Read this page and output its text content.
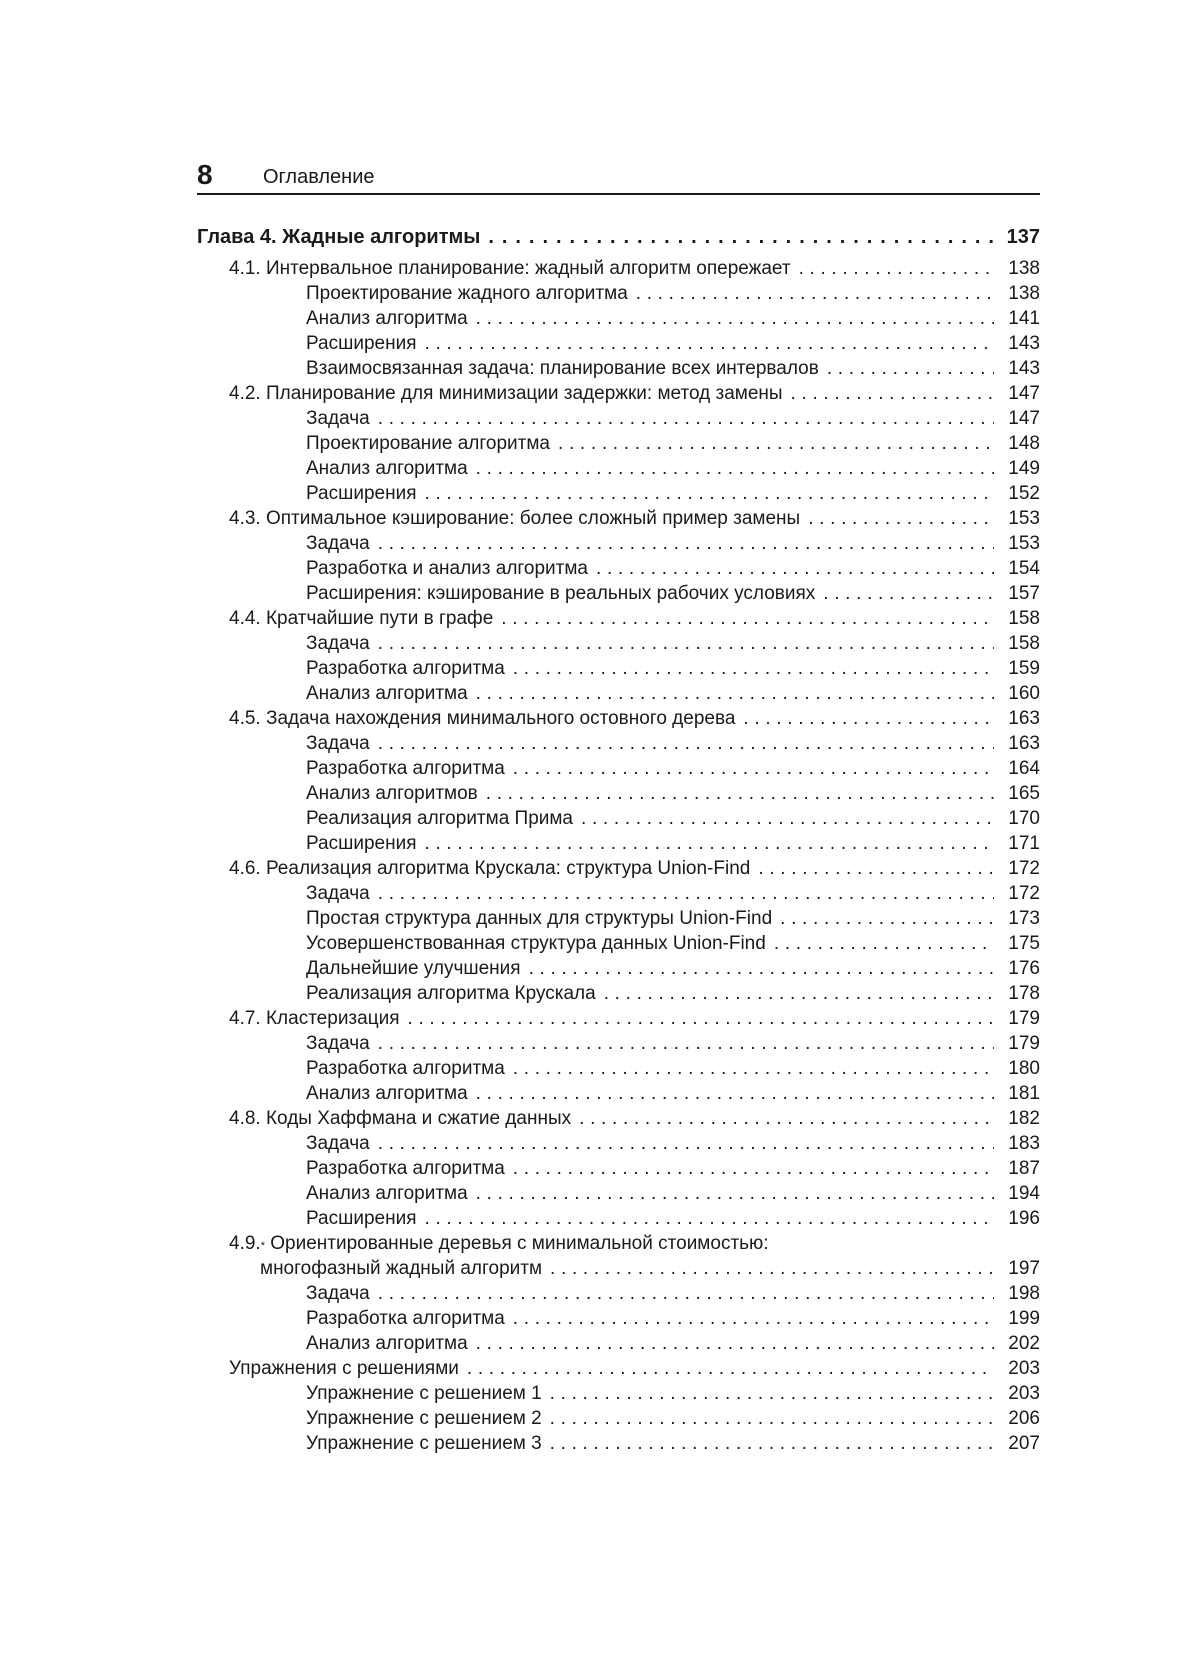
8	Оглавление
Глава 4. Жадные алгоритмы . . .	137
4.1. Интервальное планирование: жадный алгоритм опережает . . .	138
Проектирование жадного алгоритма . . .	138
Анализ алгоритма . . .	141
Расширения . . .	143
Взаимосвязанная задача: планирование всех интервалов . . .	143
4.2. Планирование для минимизации задержки: метод замены . . .	147
Задача . . .	147
Проектирование алгоритма . . .	148
Анализ алгоритма . . .	149
Расширения . . .	152
4.3. Оптимальное кэширование: более сложный пример замены . . .	153
Задача . . .	153
Разработка и анализ алгоритма . . .	154
Расширения: кэширование в реальных рабочих условиях . . .	157
4.4. Кратчайшие пути в графе . . .	158
Задача . . .	158
Разработка алгоритма . . .	159
Анализ алгоритма . . .	160
4.5. Задача нахождения минимального остовного дерева . . .	163
Задача . . .	163
Разработка алгоритма . . .	164
Анализ алгоритмов . . .	165
Реализация алгоритма Прима . . .	170
Расширения . . .	171
4.6. Реализация алгоритма Крускала: структура Union-Find . . .	172
Задача . . .	172
Простая структура данных для структуры Union-Find . . .	173
Усовершенствованная структура данных Union-Find . . .	175
Дальнейшие улучшения . . .	176
Реализация алгоритма Крускала . . .	178
4.7. Кластеризация . . .	179
Задача . . .	179
Разработка алгоритма . . .	180
Анализ алгоритма . . .	181
4.8. Коды Хаффмана и сжатие данных . . .	182
Задача . . .	183
Разработка алгоритма . . .	187
Анализ алгоритма . . .	194
Расширения . . .	196
4.9. * Ориентированные деревья с минимальной стоимостью:
многофазный жадный алгоритм . . .	197
Задача . . .	198
Разработка алгоритма . . .	199
Анализ алгоритма . . .	202
Упражнения с решениями . . .	203
Упражнение с решением 1 . . .	203
Упражнение с решением 2 . . .	206
Упражнение с решением 3 . . .	207
